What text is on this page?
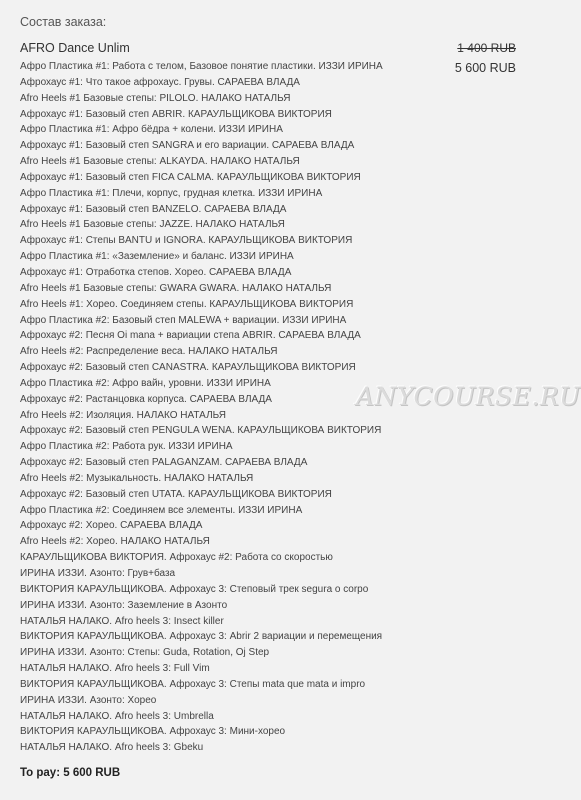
Состав заказа:
AFRO Dance Unlim	1 400 RUB
5 600 RUB
Афро Пластика #1: Работа с телом, Базовое понятие пластики. ИЗЗИ ИРИНА
Афрохаус #1: Что такое афрохаус. Грувы. САРАЕВА ВЛАДА
Afro Heels #1 Базовые степы: PILOLO. НАЛАКО НАТАЛЬЯ
Афрохаус #1: Базовый степ ABRIR. КАРАУЛЬЩИКОВА ВИКТОРИЯ
Афро Пластика #1: Афро бёдра + колени. ИЗЗИ ИРИНА
Афрохаус #1: Базовый степ SANGRA и его вариации. САРАЕВА ВЛАДА
Afro Heels #1 Базовые степы: ALKAYDA. НАЛАКО НАТАЛЬЯ
Афрохаус #1: Базовый степ FICA CALMA. КАРАУЛЬЩИКОВА ВИКТОРИЯ
Афро Пластика #1: Плечи, корпус, грудная клетка. ИЗЗИ ИРИНА
Афрохаус #1: Базовый степ BANZELO. САРАЕВА ВЛАДА
Afro Heels #1 Базовые степы: JAZZE. НАЛАКО НАТАЛЬЯ
Афрохаус #1: Степы BANTU и IGNORA. КАРАУЛЬЩИКОВА ВИКТОРИЯ
Афро Пластика #1: «Заземление» и баланс. ИЗЗИ ИРИНА
Афрохаус #1: Отработка степов. Хорео. САРАЕВА ВЛАДА
Afro Heels #1 Базовые степы: GWARA GWARA. НАЛАКО НАТАЛЬЯ
Afro Heels #1: Хорео. Соединяем степы. КАРАУЛЬЩИКОВА ВИКТОРИЯ
Афро Пластика #2: Базовый степ MALEWA + вариации. ИЗЗИ ИРИНА
Афрохаус #2: Песня Oi mana + вариации степа ABRIR. САРАЕВА ВЛАДА
Afro Heels #2: Распределение веса. НАЛАКО НАТАЛЬЯ
Афрохаус #2: Базовый степ CANASTRA. КАРАУЛЬЩИКОВА ВИКТОРИЯ
Афро Пластика #2: Афро вайн, уровни. ИЗЗИ ИРИНА
Афрохаус #2: Растанцовка корпуса. САРАЕВА ВЛАДА
Afro Heels #2: Изоляция. НАЛАКО НАТАЛЬЯ
Афрохаус #2: Базовый степ PENGULA WENA. КАРАУЛЬЩИКОВА ВИКТОРИЯ
Афро Пластика #2: Работа рук. ИЗЗИ ИРИНА
Афрохаус #2: Базовый степ PALAGANZAM. САРАЕВА ВЛАДА
Afro Heels #2: Музыкальность. НАЛАКО НАТАЛЬЯ
Афрохаус #2: Базовый степ UTATA. КАРАУЛЬЩИКОВА ВИКТОРИЯ
Афро Пластика #2: Соединяем все элементы. ИЗЗИ ИРИНА
Афрохаус #2: Хорео. САРАЕВА ВЛАДА
Afro Heels #2: Хорео. НАЛАКО НАТАЛЬЯ
КАРАУЛЬЩИКОВА ВИКТОРИЯ. Афрохаус #2: Работа со скоростью
ИРИНА ИЗЗИ. Азонто: Грув+база
ВИКТОРИЯ КАРАУЛЬЩИКОВА. Афрохаус 3: Степовый трек segura o corpo
ИРИНА ИЗЗИ. Азонто: Заземление в Азонто
НАТАЛЬЯ НАЛАКО. Afro heels 3: Insect killer
ВИКТОРИЯ КАРАУЛЬЩИКОВА. Афрохаус 3: Abrir 2 вариации и перемещения
ИРИНА ИЗЗИ. Азонто: Степы: Guda, Rotation, Oj Step
НАТАЛЬЯ НАЛАКО. Afro heels 3: Full Vim
ВИКТОРИЯ КАРАУЛЬЩИКОВА. Афрохаус 3: Степы mata que mata и impro
ИРИНА ИЗЗИ. Азонто: Хорео
НАТАЛЬЯ НАЛАКО. Afro heels 3: Umbrella
ВИКТОРИЯ КАРАУЛЬЩИКОВА. Афрохаус 3: Мини-хорео
НАТАЛЬЯ НАЛАКО. Afro heels 3: Gbeku
To pay: 5 600 RUB
ANYCOURSE.RU
